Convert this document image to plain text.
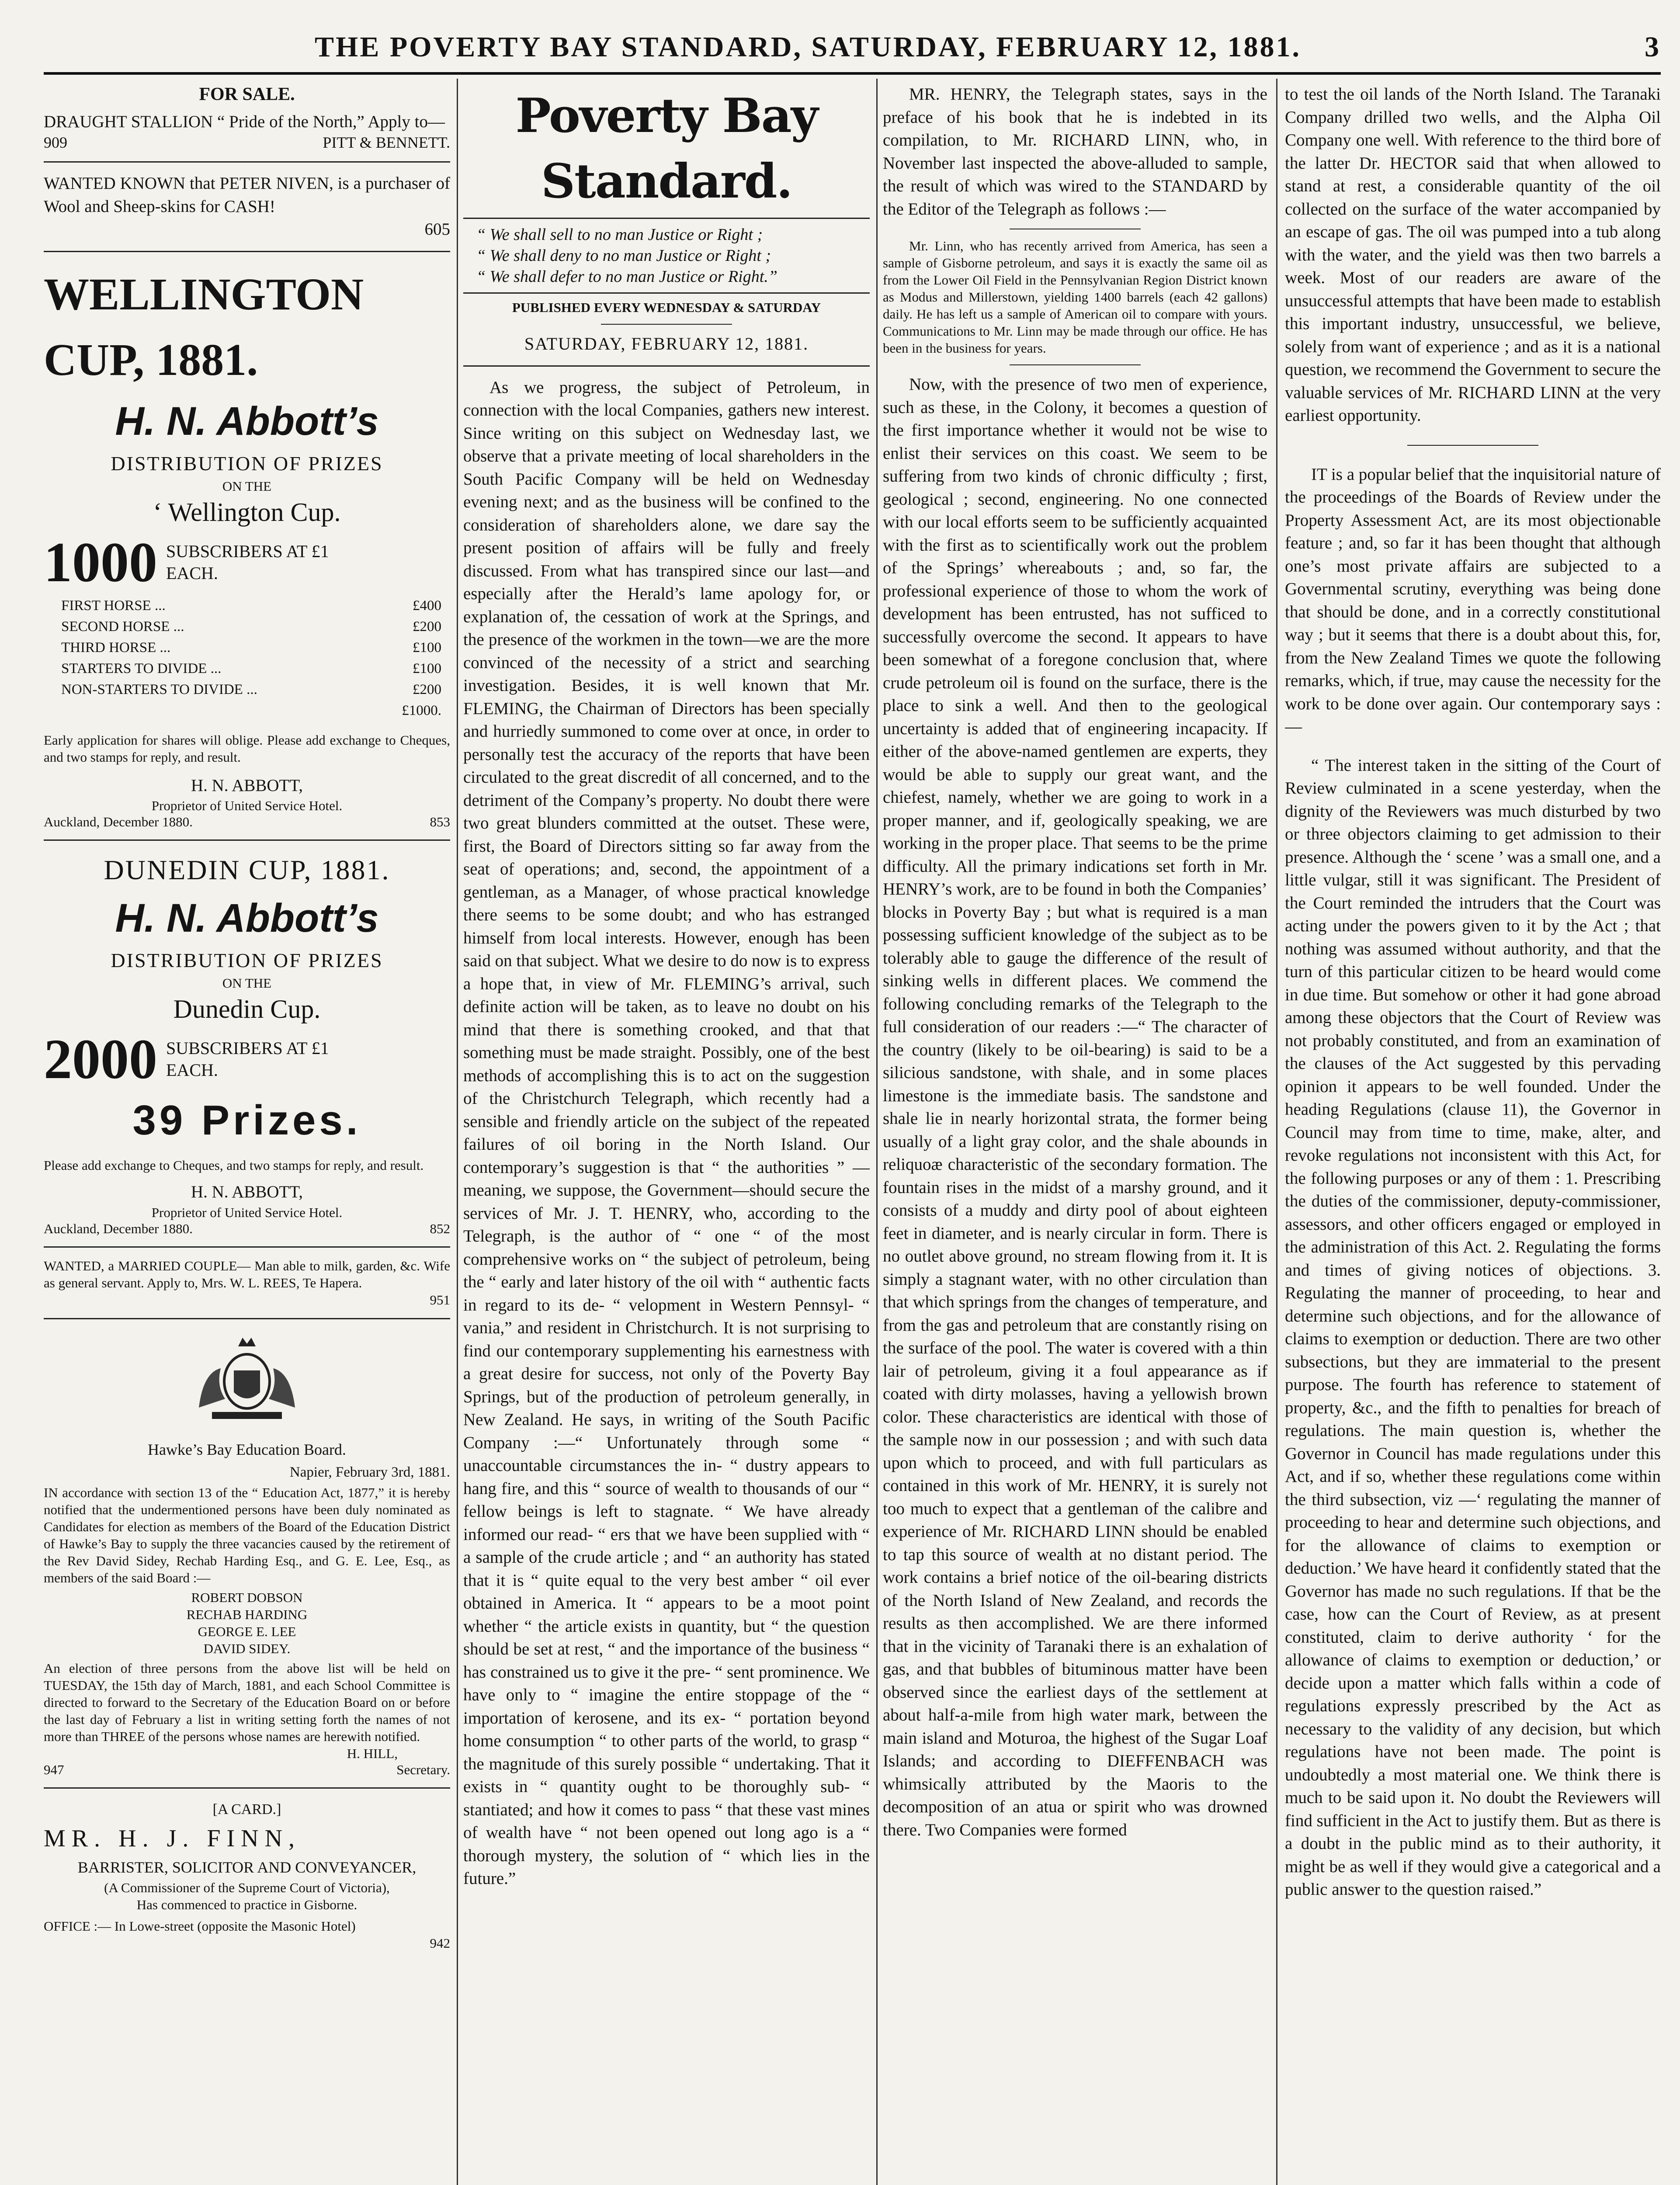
THE POVERTY BAY STANDARD, SATURDAY, FEBRUARY 12, 1881.	3

FOR SALE.

DRAUGHT STALLION “ Pride of the North,” Apply to—

909	PITT & BENNETT.

WANTED KNOWN that PETER NIVEN, is a purchaser of Wool and Sheep-skins for CASH!

605

WELLINGTON CUP, 1881.
H. N. Abbott’s
DISTRIBUTION OF PRIZES

ON THE

‘ Wellington Cup.
1000 SUBSCRIBERS AT £1 EACH.
FIRST HORSE ...	£400
SECOND HORSE ...	£200
THIRD HORSE ...	£100
STARTERS TO DIVIDE ...	£100
NON-STARTERS TO DIVIDE ...	£200
£1000.

Early application for shares will oblige. Please add exchange to Cheques, and two stamps for reply, and result.

H. N. ABBOTT,

Proprietor of United Service Hotel.

Auckland, December 1880.	853
DUNEDIN CUP, 1881.
H. N. Abbott’s
DISTRIBUTION OF PRIZES

ON THE

Dunedin Cup.
2000 SUBSCRIBERS AT £1 EACH.
39 Prizes.

Please add exchange to Cheques, and two stamps for reply, and result.

H. N. ABBOTT,

Proprietor of United Service Hotel.

Auckland, December 1880.	852

WANTED, a MARRIED COUPLE— Man able to milk, garden, &c. Wife as general servant. Apply to, Mrs. W. L. REES, Te Hapera.

951

Hawke’s Bay Education Board.

Napier, February 3rd, 1881.

IN accordance with section 13 of the “ Education Act, 1877,” it is hereby notified that the undermentioned persons have been duly nominated as Candidates for election as members of the Board of the Education District of Hawke’s Bay to supply the three vacancies caused by the retirement of the Rev David Sidey, Rechab Harding Esq., and G. E. Lee, Esq., as members of the said Board :—

ROBERT DOBSON

RECHAB HARDING

GEORGE E. LEE

DAVID SIDEY.

An election of three persons from the above list will be held on TUESDAY, the 15th day of March, 1881, and each School Committee is directed to forward to the Secretary of the Education Board on or before the last day of February a list in writing setting forth the names of not more than THREE of the persons whose names are herewith notified.

H. HILL,

947	Secretary.

[A CARD.]

MR. H. J. FINN,

BARRISTER, SOLICITOR AND CONVEYANCER,

(A Commissioner of the Supreme Court of Victoria),

Has commenced to practice in Gisborne.

OFFICE :— In Lowe-street (opposite the Masonic Hotel)

942

Poverty Bay Standard.

“ We shall sell to no man Justice or Right ;

“ We shall deny to no man Justice or Right ;

“ We shall defer to no man Justice or Right.”

PUBLISHED EVERY WEDNESDAY & SATURDAY

SATURDAY, FEBRUARY 12, 1881.

As we progress, the subject of Petroleum, in connection with the local Companies, gathers new interest. Since writing on this subject on Wednesday last, we observe that a private meeting of local shareholders in the South Pacific Company will be held on Wednesday evening next; and as the business will be confined to the consideration of shareholders alone, we dare say the present position of affairs will be fully and freely discussed. From what has transpired since our last—and especially after the Herald’s lame apology for, or explanation of, the cessation of work at the Springs, and the presence of the workmen in the town—we are the more convinced of the necessity of a strict and searching investigation. Besides, it is well known that Mr. FLEMING, the Chairman of Directors has been specially and hurriedly summoned to come over at once, in order to personally test the accuracy of the reports that have been circulated to the great discredit of all concerned, and to the detriment of the Company’s property. No doubt there were two great blunders committed at the outset. These were, first, the Board of Directors sitting so far away from the seat of operations; and, second, the appointment of a gentleman, as a Manager, of whose practical knowledge there seems to be some doubt; and who has estranged himself from local interests. However, enough has been said on that subject. What we desire to do now is to express a hope that, in view of Mr. FLEMING’s arrival, such definite action will be taken, as to leave no doubt on his mind that there is something crooked, and that that something must be made straight. Possibly, one of the best methods of accomplishing this is to act on the suggestion of the Christchurch Telegraph, which recently had a sensible and friendly article on the subject of the repeated failures of oil boring in the North Island. Our contemporary’s suggestion is that “ the authorities ” —meaning, we suppose, the Government—should secure the services of Mr. J. T. HENRY, who, according to the Telegraph, is the author of “ one “ of the most comprehensive works on “ the subject of petroleum, being the “ early and later history of the oil with “ authentic facts in regard to its de- “ velopment in Western Pennsyl- “ vania,” and resident in Christchurch. It is not surprising to find our contemporary supplementing his earnestness with a great desire for success, not only of the Poverty Bay Springs, but of the production of petroleum generally, in New Zealand. He says, in writing of the South Pacific Company :—“ Unfortunately through some “ unaccountable circumstances the in- “ dustry appears to hang fire, and this “ source of wealth to thousands of our “ fellow beings is left to stagnate. “ We have already informed our read- “ ers that we have been supplied with “ a sample of the crude article ; and “ an authority has stated that it is “ quite equal to the very best amber “ oil ever obtained in America. It “ appears to be a moot point whether “ the article exists in quantity, but “ the question should be set at rest, “ and the importance of the business “ has constrained us to give it the pre- “ sent prominence. We have only to “ imagine the entire stoppage of the “ importation of kerosene, and its ex- “ portation beyond home consumption “ to other parts of the world, to grasp “ the magnitude of this surely possible “ undertaking. That it exists in “ quantity ought to be thoroughly sub- “ stantiated; and how it comes to pass “ that these vast mines of wealth have “ not been opened out long ago is a “ thorough mystery, the solution of “ which lies in the future.”

MR. HENRY, the Telegraph states, says in the preface of his book that he is indebted in its compilation, to Mr. RICHARD LINN, who, in November last inspected the above-alluded to sample, the result of which was wired to the STANDARD by the Editor of the Telegraph as follows :—

Mr. Linn, who has recently arrived from America, has seen a sample of Gisborne petroleum, and says it is exactly the same oil as from the Lower Oil Field in the Pennsylvanian Region District known as Modus and Millerstown, yielding 1400 barrels (each 42 gallons) daily. He has left us a sample of American oil to compare with yours. Communications to Mr. Linn may be made through our office. He has been in the business for years.

Now, with the presence of two men of experience, such as these, in the Colony, it becomes a question of the first importance whether it would not be wise to enlist their services on this coast. We seem to be suffering from two kinds of chronic difficulty ; first, geological ; second, engineering. No one connected with our local efforts seem to be sufficiently acquainted with the first as to scientifically work out the problem of the Springs’ whereabouts ; and, so far, the professional experience of those to whom the work of development has been entrusted, has not sufficed to successfully overcome the second. It appears to have been somewhat of a foregone conclusion that, where crude petroleum oil is found on the surface, there is the place to sink a well. And then to the geological uncertainty is added that of engineering incapacity. If either of the above-named gentlemen are experts, they would be able to supply our great want, and the chiefest, namely, whether we are going to work in a proper manner, and if, geologically speaking, we are working in the proper place. That seems to be the prime difficulty. All the primary indications set forth in Mr. HENRY’s work, are to be found in both the Companies’ blocks in Poverty Bay ; but what is required is a man possessing sufficient knowledge of the subject as to be tolerably able to gauge the difference of the result of sinking wells in different places. We commend the following concluding remarks of the Telegraph to the full consideration of our readers :—“ The character of the country (likely to be oil-bearing) is said to be a silicious sandstone, with shale, and in some places limestone is the immediate basis. The sandstone and shale lie in nearly horizontal strata, the former being usually of a light gray color, and the shale abounds in reliquoæ characteristic of the secondary formation. The fountain rises in the midst of a marshy ground, and it consists of a muddy and dirty pool of about eighteen feet in diameter, and is nearly circular in form. There is no outlet above ground, no stream flowing from it. It is simply a stagnant water, with no other circulation than that which springs from the changes of temperature, and from the gas and petroleum that are constantly rising on the surface of the pool. The water is covered with a thin lair of petroleum, giving it a foul appearance as if coated with dirty molasses, having a yellowish brown color. These characteristics are identical with those of the sample now in our possession ; and with such data upon which to proceed, and with full particulars as contained in this work of Mr. HENRY, it is surely not too much to expect that a gentleman of the calibre and experience of Mr. RICHARD LINN should be enabled to tap this source of wealth at no distant period. The work contains a brief notice of the oil-bearing districts of the North Island of New Zealand, and records the results as then accomplished. We are there informed that in the vicinity of Taranaki there is an exhalation of gas, and that bubbles of bituminous matter have been observed since the earliest days of the settlement at about half-a-mile from high water mark, between the main island and Moturoa, the highest of the Sugar Loaf Islands; and according to DIEFFENBACH was whimsically attributed by the Maoris to the decomposition of an atua or spirit who was drowned there. Two Companies were formed

to test the oil lands of the North Island. The Taranaki Company drilled two wells, and the Alpha Oil Company one well. With reference to the third bore of the latter Dr. HECTOR said that when allowed to stand at rest, a considerable quantity of the oil collected on the surface of the water accompanied by an escape of gas. The oil was pumped into a tub along with the water, and the yield was then two barrels a week. Most of our readers are aware of the unsuccessful attempts that have been made to establish this important industry, unsuccessful, we believe, solely from want of experience ; and as it is a national question, we recommend the Government to secure the valuable services of Mr. RICHARD LINN at the very earliest opportunity.

IT is a popular belief that the inquisitorial nature of the proceedings of the Boards of Review under the Property Assessment Act, are its most objectionable feature ; and, so far it has been thought that although one’s most private affairs are subjected to a Governmental scrutiny, everything was being done that should be done, and in a correctly constitutional way ; but it seems that there is a doubt about this, for, from the New Zealand Times we quote the following remarks, which, if true, may cause the necessity for the work to be done over again. Our contemporary says :—

“ The interest taken in the sitting of the Court of Review culminated in a scene yesterday, when the dignity of the Reviewers was much disturbed by two or three objectors claiming to get admission to their presence. Although the ‘ scene ’ was a small one, and a little vulgar, still it was significant. The President of the Court reminded the intruders that the Court was acting under the powers given to it by the Act ; that nothing was assumed without authority, and that the turn of this particular citizen to be heard would come in due time. But somehow or other it had gone abroad among these objectors that the Court of Review was not probably constituted, and from an examination of the clauses of the Act suggested by this pervading opinion it appears to be well founded. Under the heading Regulations (clause 11), the Governor in Council may from time to time, make, alter, and revoke regulations not inconsistent with this Act, for the following purposes or any of them : 1. Prescribing the duties of the commissioner, deputy-commissioner, assessors, and other officers engaged or employed in the administration of this Act. 2. Regulating the forms and times of giving notices of objections. 3. Regulating the manner of proceeding, to hear and determine such objections, and for the allowance of claims to exemption or deduction. There are two other subsections, but they are immaterial to the present purpose. The fourth has reference to statement of property, &c., and the fifth to penalties for breach of regulations. The main question is, whether the Governor in Council has made regulations under this Act, and if so, whether these regulations come within the third subsection, viz —‘ regulating the manner of proceeding to hear and determine such objections, and for the allowance of claims to exemption or deduction.’ We have heard it confidently stated that the Governor has made no such regulations. If that be the case, how can the Court of Review, as at present constituted, claim to derive authority ‘ for the allowance of claims to exemption or deduction,’ or decide upon a matter which falls within a code of regulations expressly prescribed by the Act as necessary to the validity of any decision, but which regulations have not been made. The point is undoubtedly a most material one. We think there is much to be said upon it. No doubt the Reviewers will find sufficient in the Act to justify them. But as there is a doubt in the public mind as to their authority, it might be as well if they would give a categorical and a public answer to the question raised.”
